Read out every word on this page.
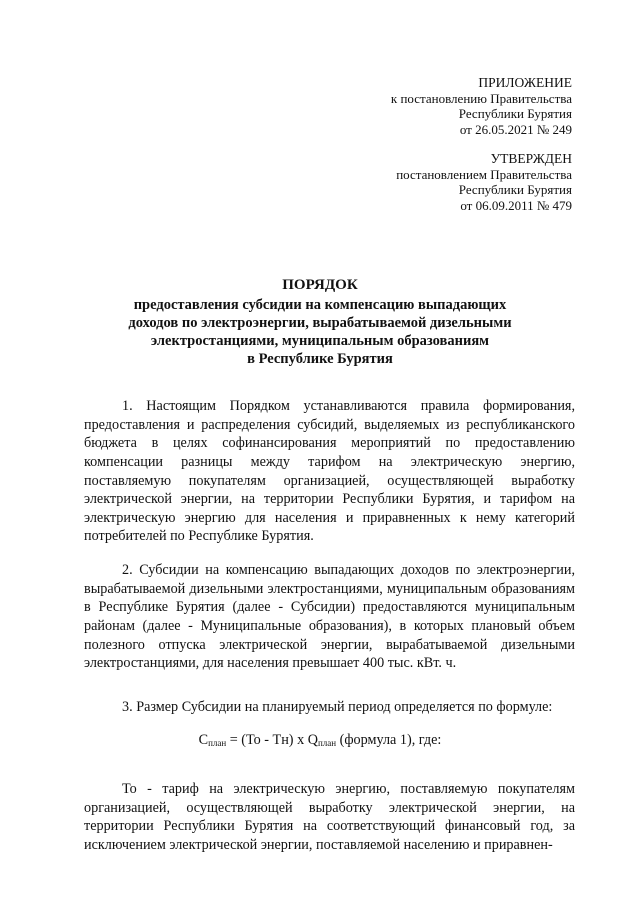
ПРИЛОЖЕНИЕ
к постановлению Правительства
Республики Бурятия
от 26.05.2021 № 249
УТВЕРЖДЕН
постановлением Правительства
Республики Бурятия
от 06.09.2011 № 479
ПОРЯДОК
предоставления субсидии на компенсацию выпадающих
доходов по электроэнергии, вырабатываемой дизельными
электростанциями, муниципальным образованиям
в Республике Бурятия

1. Настоящим Порядком устанавливаются правила формирования, предоставления и распределения субсидий, выделяемых из республиканского бюджета в целях софинансирования мероприятий по предоставлению компенсации разницы между тарифом на электрическую энергию, поставляемую покупателям организацией, осуществляющей выработку электрической энергии, на территории Республики Бурятия, и тарифом на электрическую энергию для населения и приравненных к нему категорий потребителей по Республике Бурятия.

2. Субсидии на компенсацию выпадающих доходов по электроэнергии, вырабатываемой дизельными электростанциями, муниципальным образованиям в Республике Бурятия (далее - Субсидии) предоставляются муниципальным районам (далее - Муниципальные образования), в которых плановый объем полезного отпуска электрической энергии, вырабатываемой дизельными электростанциями, для населения превышает 400 тыс. кВт. ч.

3. Размер Субсидии на планируемый период определяется по формуле:

$С_{план} = (То - Тн)$ х $Q_{план}$ (формула 1), где:

То - тариф на электрическую энергию, поставляемую покупателям организацией, осуществляющей выработку электрической энергии, на территории Республики Бурятия на соответствующий финансовый год, за исключением электрической энергии, поставляемой населению и приравнен-
